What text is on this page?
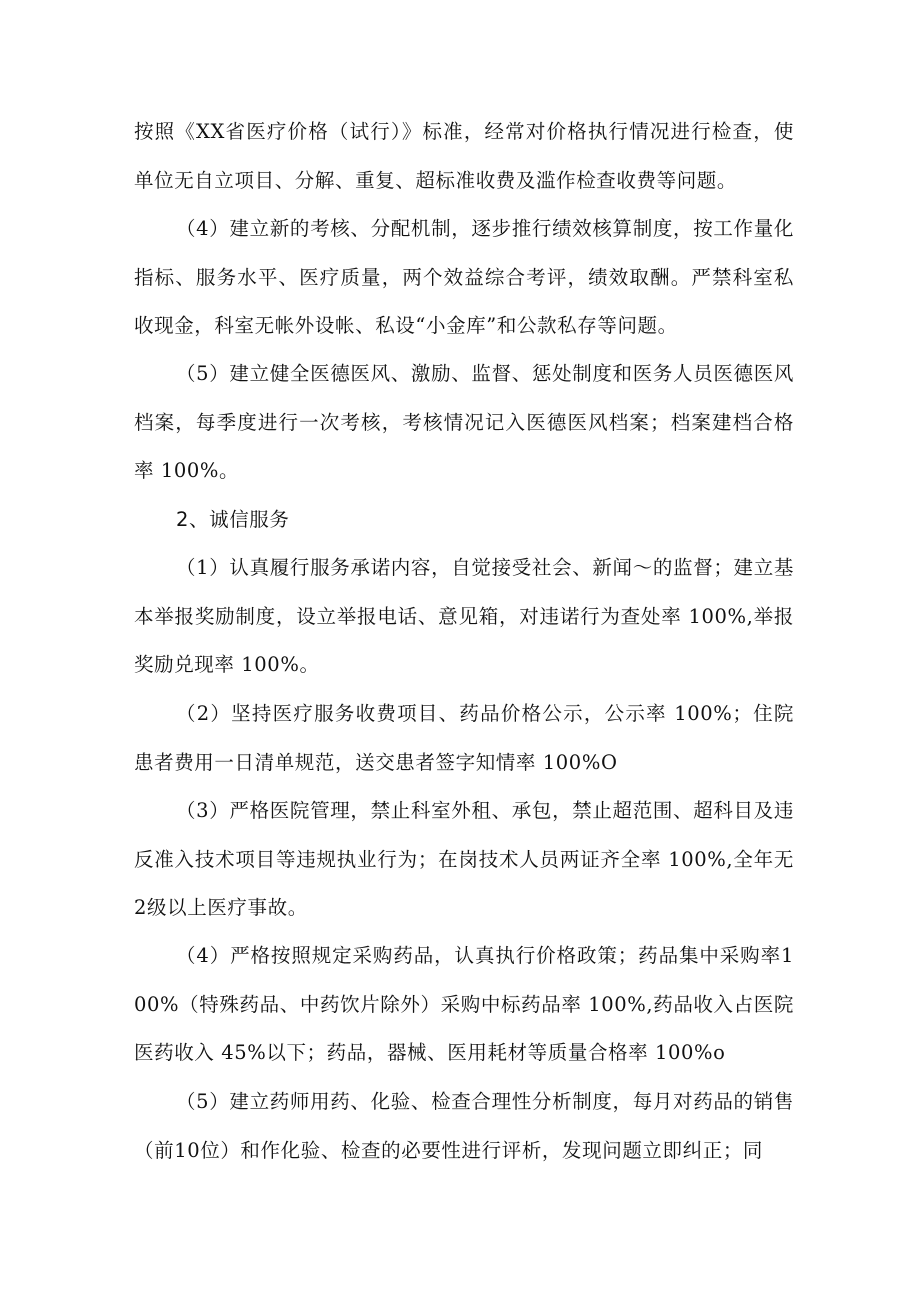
按照《XX省医疗价格（试行）》标准，经常对价格执行情况进行检查，使单位无自立项目、分解、重复、超标准收费及滥作检查收费等问题。

（4）建立新的考核、分配机制，逐步推行绩效核算制度，按工作量化指标、服务水平、医疗质量，两个效益综合考评，绩效取酬。严禁科室私收现金，科室无帐外设帐、私设“小金库”和公款私存等问题。

（5）建立健全医德医风、激励、监督、惩处制度和医务人员医德医风档案，每季度进行一次考核，考核情况记入医德医风档案；档案建档合格率 100%。

2、诚信服务

（1）认真履行服务承诺内容，自觉接受社会、新闻～的监督；建立基本举报奖励制度，设立举报电话、意见箱，对违诺行为查处率 100%,举报奖励兑现率 100%。

（2）坚持医疗服务收费项目、药品价格公示，公示率 100%；住院患者费用一日清单规范，送交患者签字知情率 100%O

（3）严格医院管理，禁止科室外租、承包，禁止超范围、超科目及违反准入技术项目等违规执业行为；在岗技术人员两证齐全率 100%,全年无2级以上医疗事故。

（4）严格按照规定采购药品，认真执行价格政策；药品集中采购率100%（特殊药品、中药饮片除外）采购中标药品率 100%,药品收入占医院医药收入 45%以下；药品，器械、医用耗材等质量合格率 100%o

（5）建立药师用药、化验、检查合理性分析制度，每月对药品的销售（前10位）和作化验、检查的必要性进行评析，发现问题立即纠正；同
